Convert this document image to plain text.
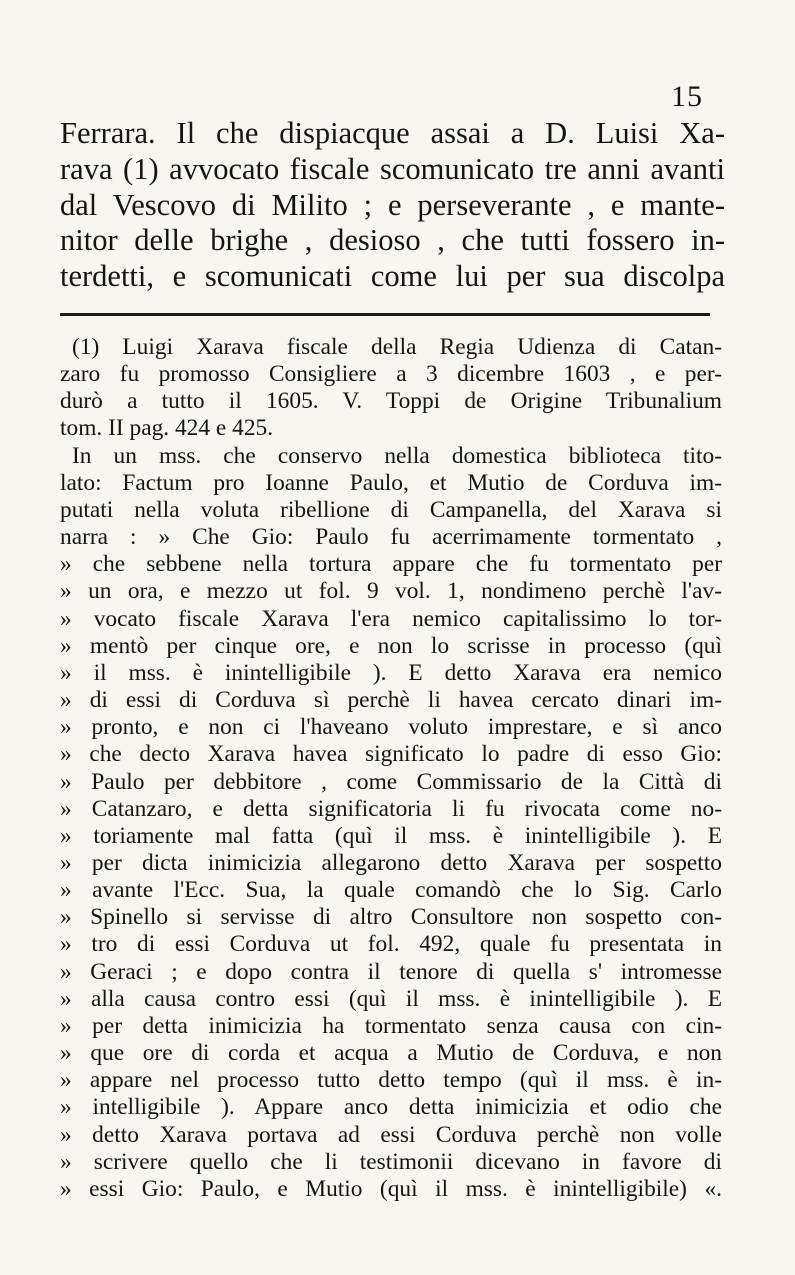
15
Ferrara. Il che dispiacque assai a D. Luisi Xa-
rava (1) avvocato fiscale scomunicato tre anni avanti
dal Vescovo di Milito ; e perseverante , e mante-
nitor delle brighe , desioso , che tutti fossero in-
terdetti, e scomunicati come lui per sua discolpa
(1) Luigi Xarava fiscale della Regia Udienza di Catan-
zaro fu promosso Consigliere a 3 dicembre 1603 , e per-
durò a tutto il 1605. V. Toppi de Origine Tribunalium
tom. II pag. 424 e 425.
In un mss. che conservo nella domestica biblioteca tito-
lato: Factum pro Ioanne Paulo, et Mutio de Corduva im-
putati nella voluta ribellione di Campanella, del Xarava si
narra : » Che Gio: Paulo fu acerrimamente tormentato ,
» che sebbene nella tortura appare che fu tormentato per
» un ora, e mezzo ut fol. 9 vol. 1, nondimeno perchè l'av-
» vocato fiscale Xarava l'era nemico capitalissimo lo tor-
» mentò per cinque ore, e non lo scrisse in processo (quì
» il mss. è inintelligibile ). E detto Xarava era nemico
» di essi di Corduva sì perchè li havea cercato dinari im-
» pronto, e non ci l'haveano voluto imprestare, e sì anco
» che decto Xarava havea significato lo padre di esso Gio:
» Paulo per debbitore , come Commissario de la Città di
» Catanzaro, e detta significatoria li fu rivocata come no-
» toriamente mal fatta (quì il mss. è inintelligibile ). E
» per dicta inimicizia allegarono detto Xarava per sospetto
» avante l'Ecc. Sua, la quale comandò che lo Sig. Carlo
» Spinello si servisse di altro Consultore non sospetto con-
» tro di essi Corduva ut fol. 492, quale fu presentata in
» Geraci ; e dopo contra il tenore di quella s' intromesse
» alla causa contro essi (quì il mss. è inintelligibile ). E
» per detta inimicizia ha tormentato senza causa con cin-
» que ore di corda et acqua a Mutio de Corduva, e non
» appare nel processo tutto detto tempo (quì il mss. è in-
» intelligibile ). Appare anco detta inimicizia et odio che
» detto Xarava portava ad essi Corduva perchè non volle
» scrivere quello che li testimonii dicevano in favore di
» essi Gio: Paulo, e Mutio (quì il mss. è inintelligibile) «.
